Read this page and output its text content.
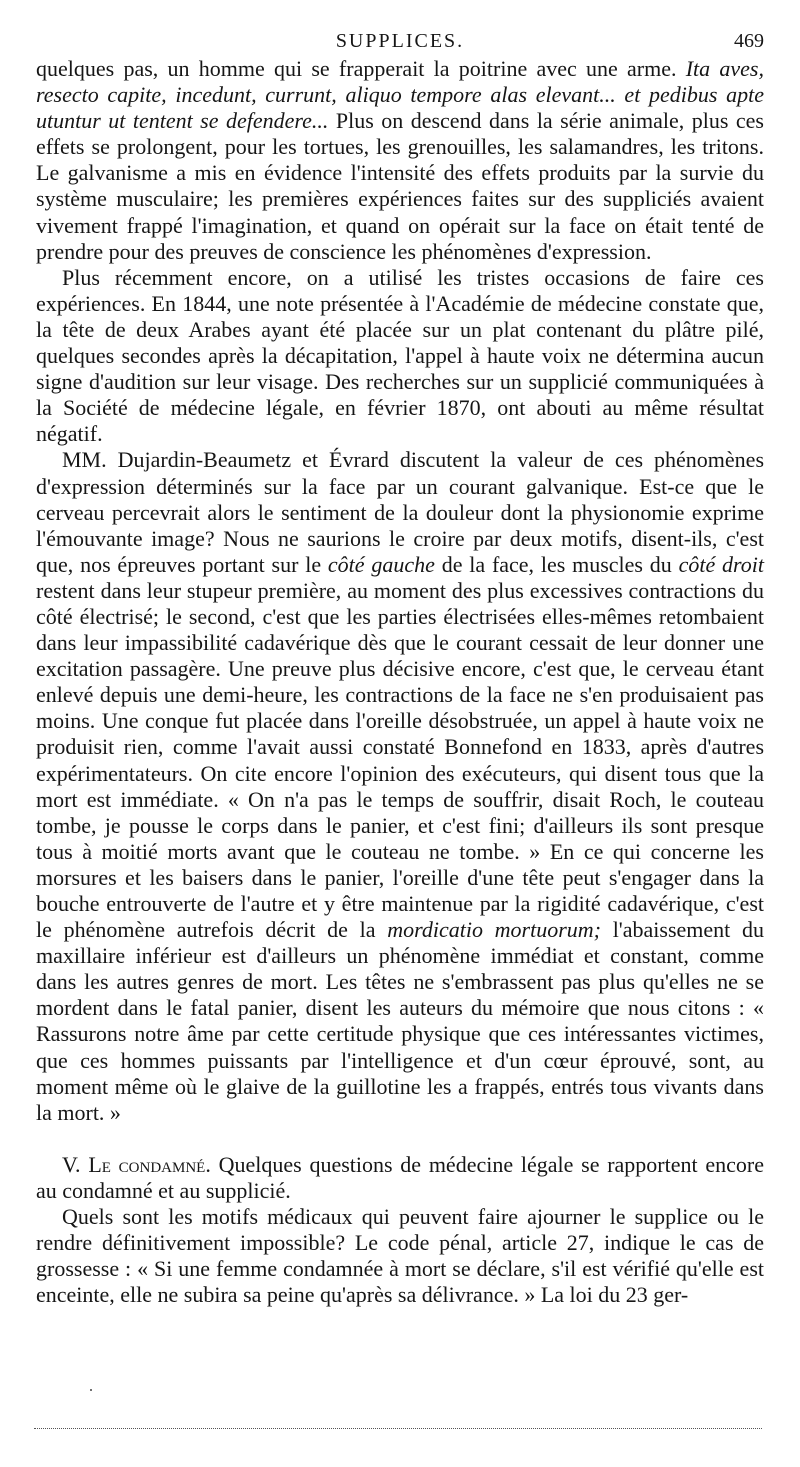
SUPPLICES.	469

quelques pas, un homme qui se frapperait la poitrine avec une arme. Ita aves, resecto capite, incedunt, currunt, aliquo tempore alas elevant... et pedibus apte utuntur ut tentent se defendere... Plus on descend dans la série animale, plus ces effets se prolongent, pour les tortues, les grenouilles, les salamandres, les tritons. Le galvanisme a mis en évidence l'intensité des effets produits par la survie du système musculaire; les premières expériences faites sur des suppliciés avaient vivement frappé l'imagination, et quand on opérait sur la face on était tenté de prendre pour des preuves de conscience les phénomènes d'expression.

Plus récemment encore, on a utilisé les tristes occasions de faire ces expériences. En 1844, une note présentée à l'Académie de médecine constate que, la tête de deux Arabes ayant été placée sur un plat contenant du plâtre pilé, quelques secondes après la décapitation, l'appel à haute voix ne détermina aucun signe d'audition sur leur visage. Des recherches sur un supplicié communiquées à la Société de médecine légale, en février 1870, ont abouti au même résultat négatif.

MM. Dujardin-Beaumetz et Évrard discutent la valeur de ces phénomènes d'expression déterminés sur la face par un courant galvanique. Est-ce que le cerveau percevrait alors le sentiment de la douleur dont la physionomie exprime l'émouvante image? Nous ne saurions le croire par deux motifs, disent-ils, c'est que, nos épreuves portant sur le côté gauche de la face, les muscles du côté droit restent dans leur stupeur première, au moment des plus excessives contractions du côté électrisé; le second, c'est que les parties électrisées elles-mêmes retombaient dans leur impassibilité cadavérique dès que le courant cessait de leur donner une excitation passagère. Une preuve plus décisive encore, c'est que, le cerveau étant enlevé depuis une demi-heure, les contractions de la face ne s'en produisaient pas moins. Une conque fut placée dans l'oreille désobstruée, un appel à haute voix ne produisit rien, comme l'avait aussi constaté Bonnefond en 1833, après d'autres expérimentateurs. On cite encore l'opinion des exécuteurs, qui disent tous que la mort est immédiate. « On n'a pas le temps de souffrir, disait Roch, le couteau tombe, je pousse le corps dans le panier, et c'est fini; d'ailleurs ils sont presque tous à moitié morts avant que le couteau ne tombe. » En ce qui concerne les morsures et les baisers dans le panier, l'oreille d'une tête peut s'engager dans la bouche entrouverte de l'autre et y être maintenue par la rigidité cadavérique, c'est le phénomène autrefois décrit de la mordicatio mortuorum; l'abaissement du maxillaire inférieur est d'ailleurs un phénomène immédiat et constant, comme dans les autres genres de mort. Les têtes ne s'embrassent pas plus qu'elles ne se mordent dans le fatal panier, disent les auteurs du mémoire que nous citons : « Rassurons notre âme par cette certitude physique que ces intéressantes victimes, que ces hommes puissants par l'intelligence et d'un cœur éprouvé, sont, au moment même où le glaive de la guillotine les a frappés, entrés tous vivants dans la mort. »

V. Le condamné. Quelques questions de médecine légale se rapportent encore au condamné et au supplicié.

Quels sont les motifs médicaux qui peuvent faire ajourner le supplice ou le rendre définitivement impossible? Le code pénal, article 27, indique le cas de grossesse : « Si une femme condamnée à mort se déclare, s'il est vérifié qu'elle est enceinte, elle ne subira sa peine qu'après sa délivrance. » La loi du 23 ger-
